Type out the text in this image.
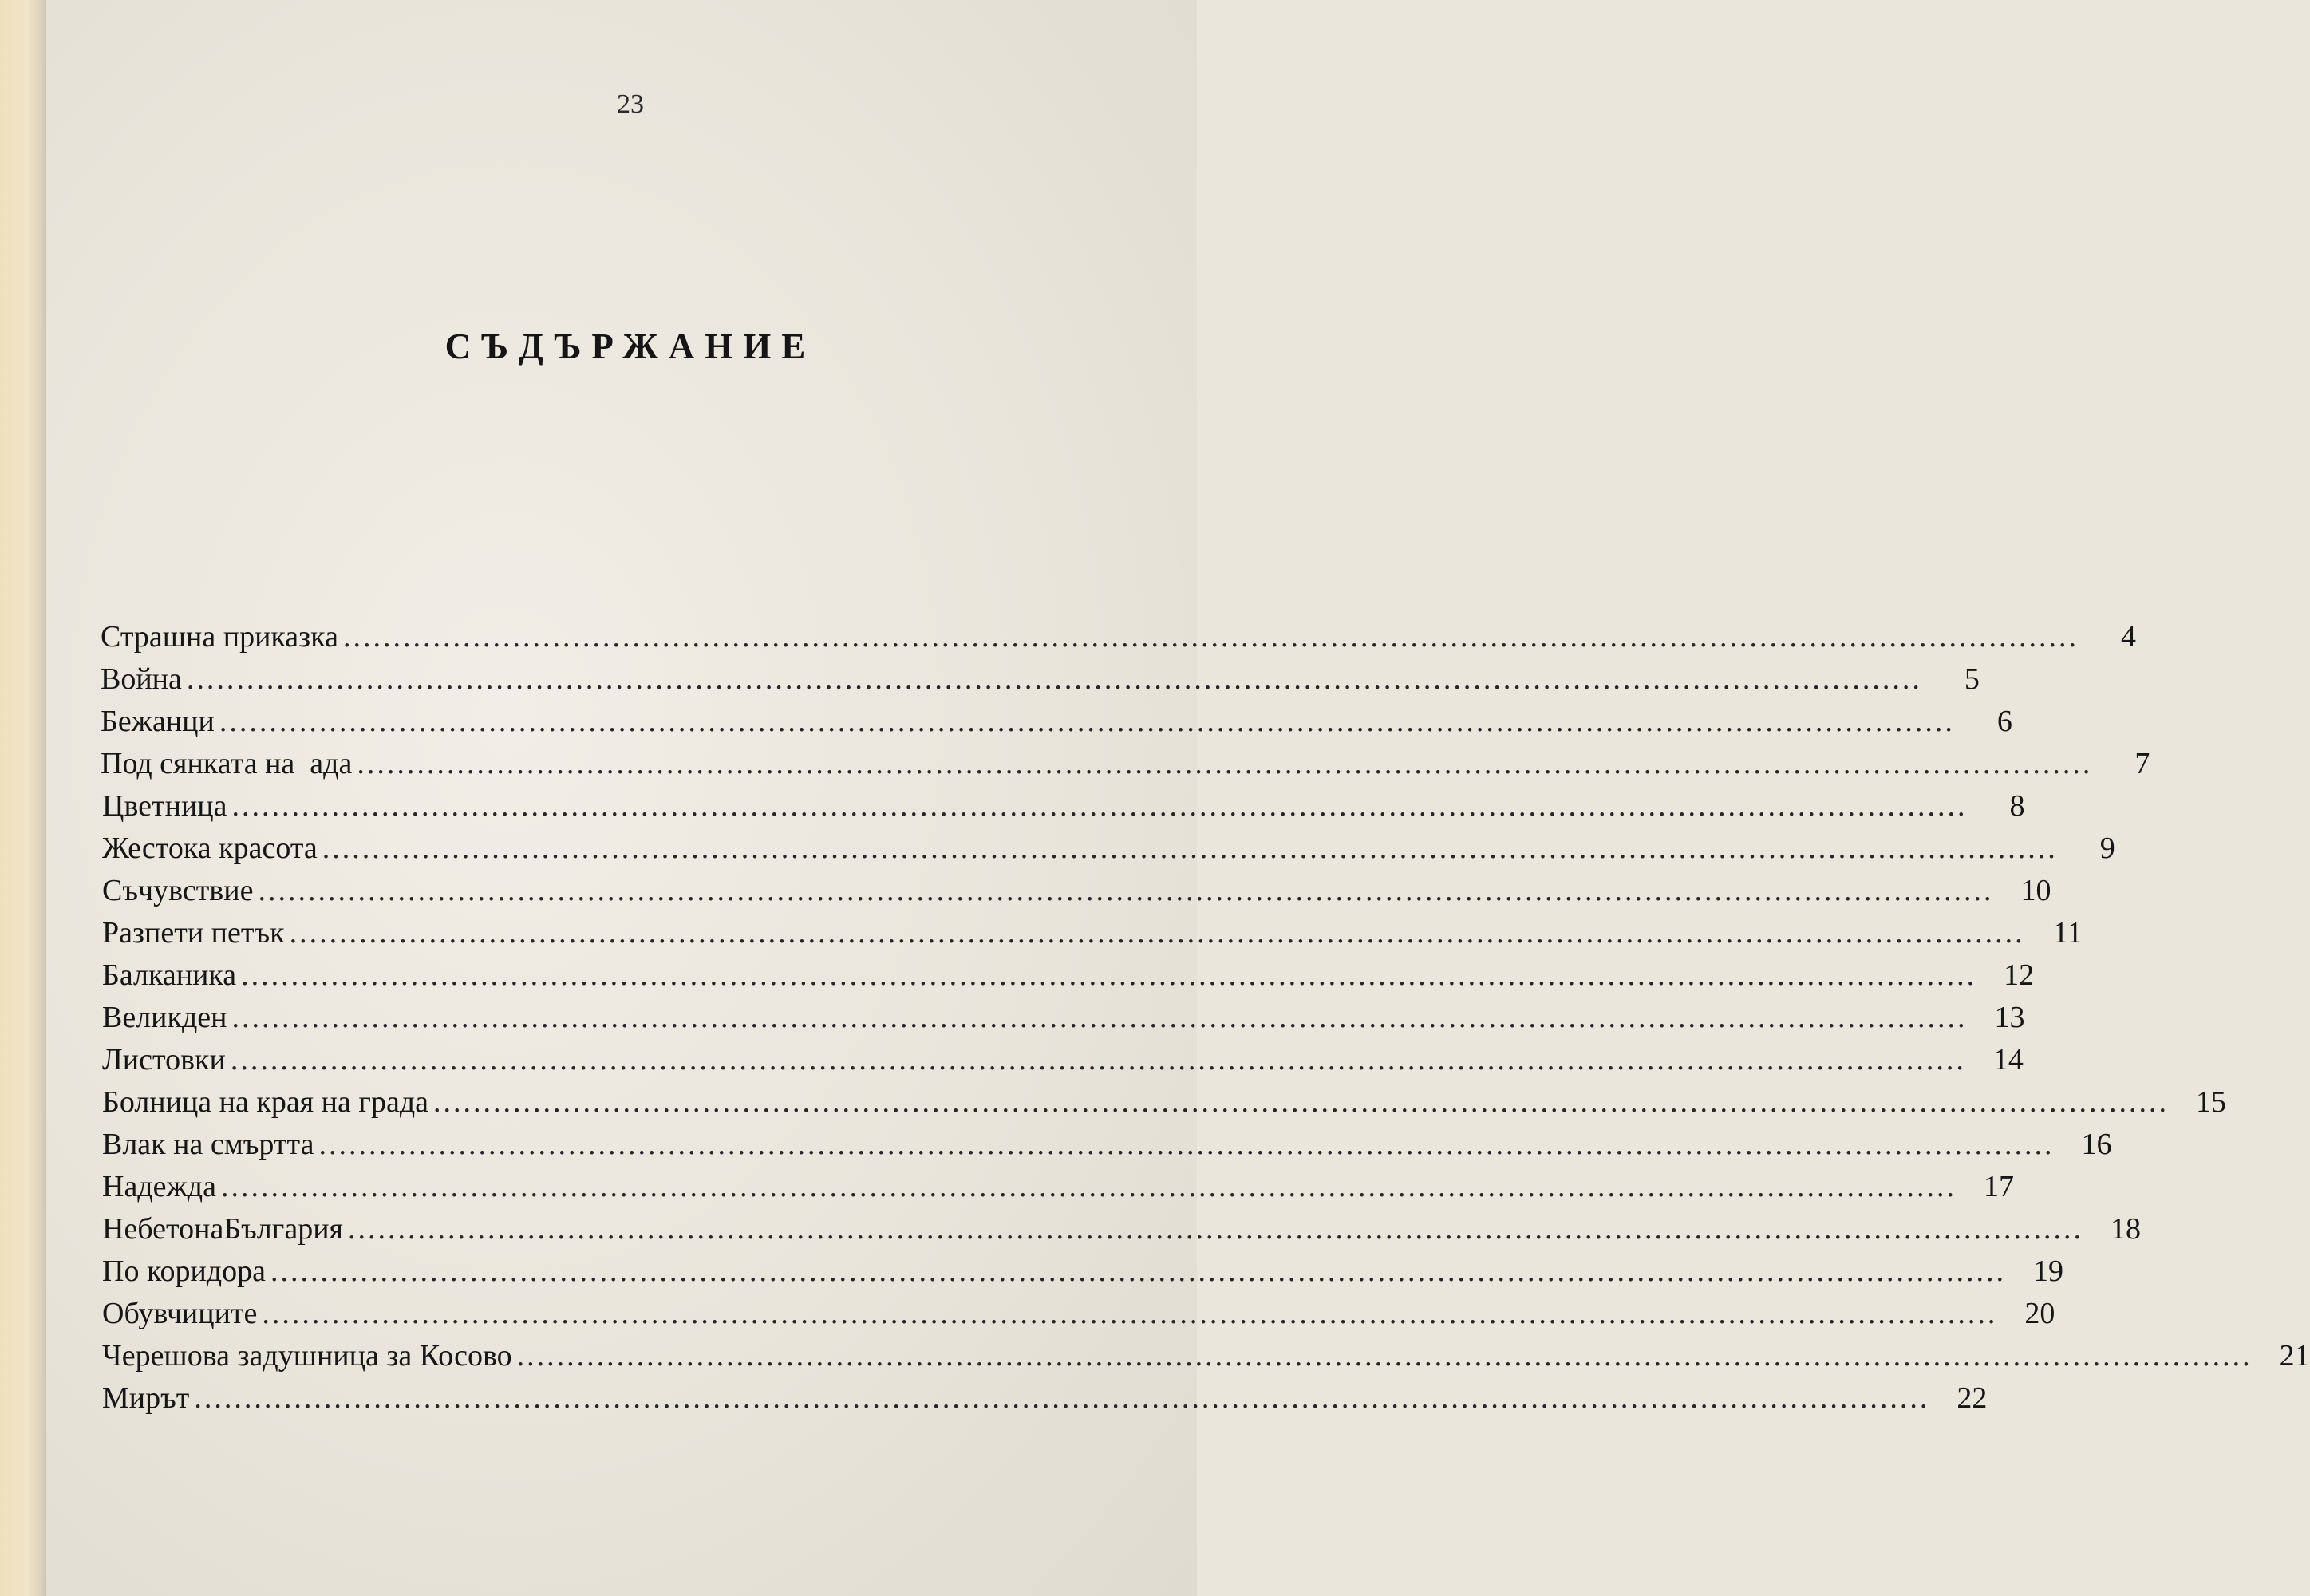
23
СЪДЪРЖАНИЕ
Страшна приказка ..............................................................................................................................................................................	4
Война ..............................................................................................................................................................................	5
Бежанци ..............................................................................................................................................................................	6
Под сянката на  ада ..............................................................................................................................................................................	7
Цветница ..............................................................................................................................................................................	8
Жестока красота ..............................................................................................................................................................................	9
Съчувствие .............................................................................................................................................................................. 10
Разпети петък .............................................................................................................................................................................. 11
Балканика .............................................................................................................................................................................. 12
Великден .............................................................................................................................................................................. 13
Листовки .............................................................................................................................................................................. 14
Болница на края на града .............................................................................................................................................................................. 15
Влак на смъртта .............................................................................................................................................................................. 16
Надежда .............................................................................................................................................................................. 17
НебетонаБългария .............................................................................................................................................................................. 18
По коридора .............................................................................................................................................................................. 19
Обувчиците .............................................................................................................................................................................. 20
Черешова задушница за Косово .............................................................................................................................................................................. 21
Мирът .............................................................................................................................................................................. 22
